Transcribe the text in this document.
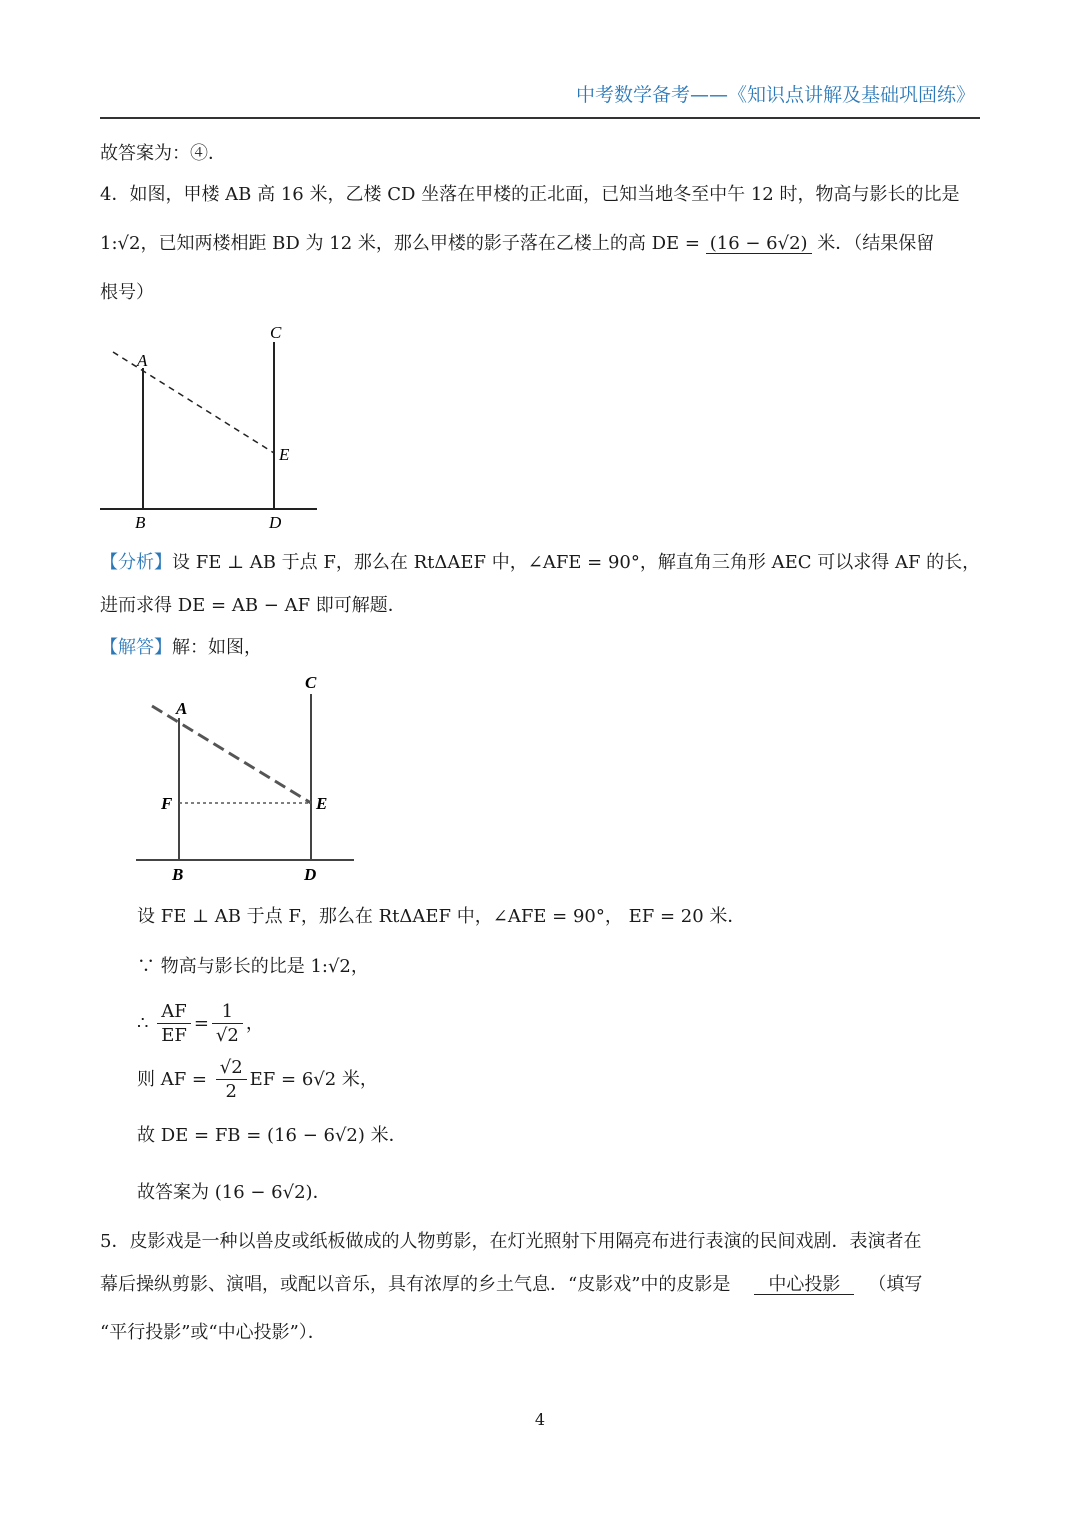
中考数学备考——《知识点讲解及基础巩固练》
故答案为：④．
4．如图，甲楼 AB 高 16 米，乙楼 CD 坐落在甲楼的正北面，已知当地冬至中午 12 时，物高与影长的比是
1:√2，已知两楼相距 BD 为 12 米，那么甲楼的影子落在乙楼上的高 DE = (16 − 6√2) 米．（结果保留
根号）
A
B
C
D
E
【分析】设 FE ⊥ AB 于点 F，那么在 RtΔAEF 中，∠AFE = 90°，解直角三角形 AEC 可以求得 AF 的长，
进而求得 DE = AB − AF 即可解题．
【解答】解：如图，
A
B
C
D
E
F
设 FE ⊥ AB 于点 F，那么在 RtΔAEF 中，∠AFE = 90°， EF = 20 米．
∵ 物高与影长的比是 1:√2，
∴ $\frac{AF}{EF} = \frac{1}{√2}$ ，
则 AF = $\frac{√2}{2}$ EF = 6√2 米，
故 DE = FB = (16 − 6√2) 米．
故答案为 (16 − 6√2)．
5．皮影戏是一种以兽皮或纸板做成的人物剪影，在灯光照射下用隔亮布进行表演的民间戏剧．表演者在
幕后操纵剪影、演唱，或配以音乐，具有浓厚的乡土气息．“皮影戏”中的皮影是 中心投影 （填写
“平行投影”或“中心投影”）．
4
